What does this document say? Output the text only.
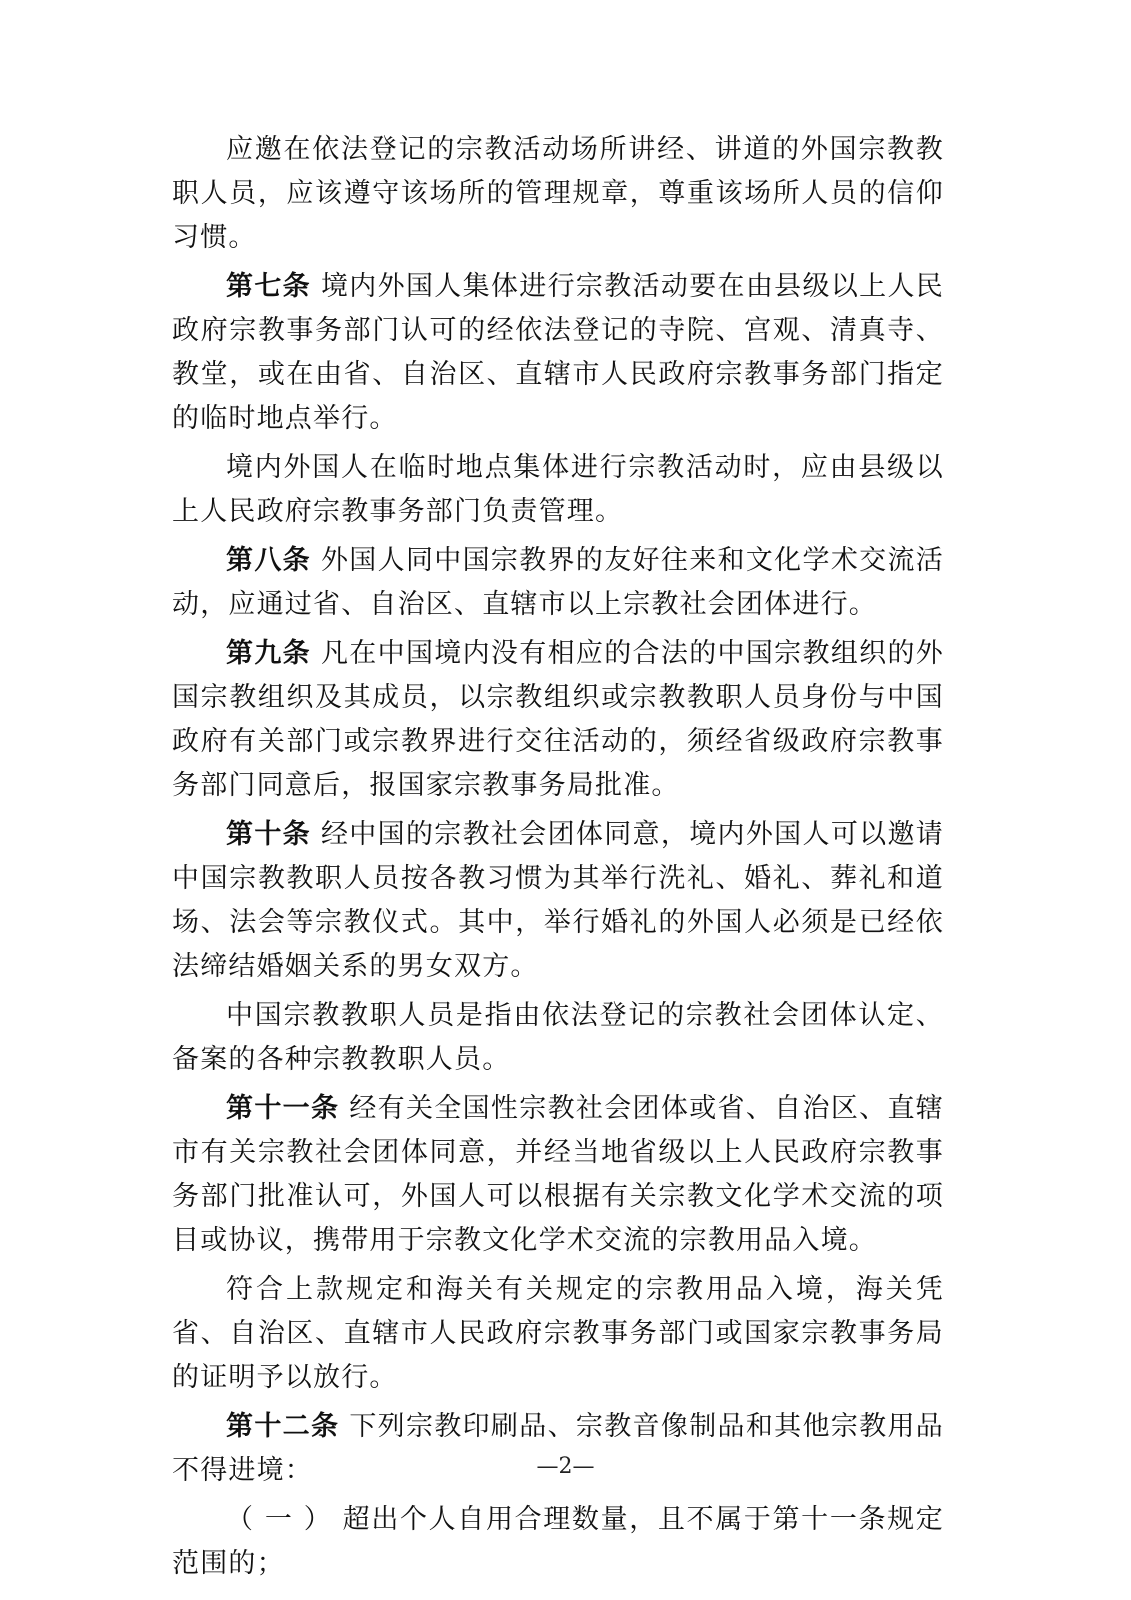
应邀在依法登记的宗教活动场所讲经、讲道的外国宗教教职人员，应该遵守该场所的管理规章，尊重该场所人员的信仰习惯。

第七条 境内外国人集体进行宗教活动要在由县级以上人民政府宗教事务部门认可的经依法登记的寺院、宫观、清真寺、教堂，或在由省、自治区、直辖市人民政府宗教事务部门指定的临时地点举行。

境内外国人在临时地点集体进行宗教活动时，应由县级以上人民政府宗教事务部门负责管理。

第八条 外国人同中国宗教界的友好往来和文化学术交流活动，应通过省、自治区、直辖市以上宗教社会团体进行。

第九条 凡在中国境内没有相应的合法的中国宗教组织的外国宗教组织及其成员，以宗教组织或宗教教职人员身份与中国政府有关部门或宗教界进行交往活动的，须经省级政府宗教事务部门同意后，报国家宗教事务局批准。

第十条 经中国的宗教社会团体同意，境内外国人可以邀请中国宗教教职人员按各教习惯为其举行洗礼、婚礼、葬礼和道场、法会等宗教仪式。其中，举行婚礼的外国人必须是已经依法缔结婚姻关系的男女双方。

中国宗教教职人员是指由依法登记的宗教社会团体认定、备案的各种宗教教职人员。

第十一条 经有关全国性宗教社会团体或省、自治区、直辖市有关宗教社会团体同意，并经当地省级以上人民政府宗教事务部门批准认可，外国人可以根据有关宗教文化学术交流的项目或协议，携带用于宗教文化学术交流的宗教用品入境。

符合上款规定和海关有关规定的宗教用品入境，海关凭省、自治区、直辖市人民政府宗教事务部门或国家宗教事务局的证明予以放行。

第十二条 下列宗教印刷品、宗教音像制品和其他宗教用品不得进境：

（ 一 ） 超出个人自用合理数量，且不属于第十一条规定范围的；

—2—
